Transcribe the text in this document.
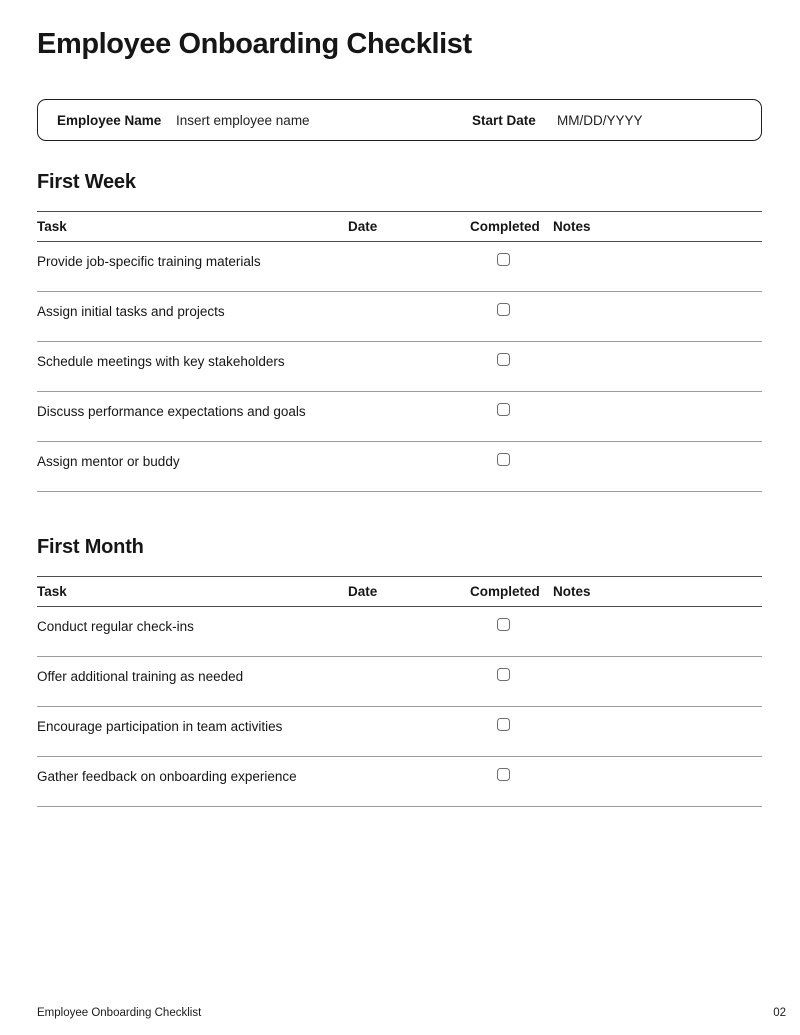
Employee Onboarding Checklist
Employee Name	Insert employee name	Start Date	MM/DD/YYYY
First Week
Task	Date	Completed Notes
Provide job-specific training materials
Assign initial tasks and projects
Schedule meetings with key stakeholders
Discuss performance expectations and goals
Assign mentor or buddy
First Month
Task	Date	Completed Notes
Conduct regular check-ins
Offer additional training as needed
Encourage participation in team activities
Gather feedback on onboarding experience
Employee Onboarding Checklist	02
